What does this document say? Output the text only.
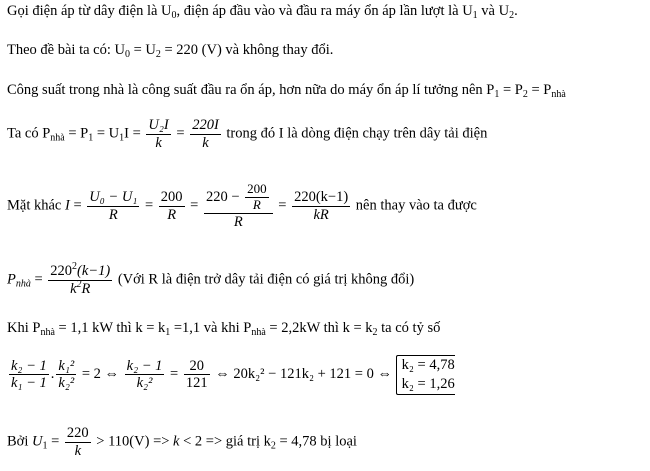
Gọi điện áp từ dây điện là $U_0$, điện áp đầu vào và đầu ra máy ổn áp lần lượt là $U_1$ và $U_2$.
Theo đề bài ta có: $U_0 = U_2 = 220$ (V) và không thay đổi.
Công suất trong nhà là công suất đầu ra ổn áp, hơn nữa do máy ổn áp lí tưởng nên $P_1 = P_2 = P_{nhà}$
Ta có $P_{nhà} = P_1 = U_1I = \frac{\text{U₂I}}{k} = \frac{220I}{k}$ trong đó I là dòng điện chạy trên dây tải điện
Mặt khác $I = \frac{\text{U₀ − U₁}}{R} = \frac{200}{R} = \frac{220 - \frac{200}{R}}{R} = \frac{220(k-1)}{kR}$ nên thay vào ta được
$P_{nhà} = \frac{220^2(k-1)}{k^2R}$ (Với R là điện trở dây tải điện có giá trị không đổi)
Khi $P_{nhà} = 1,1$ kW thì $k = k_1 =1,1$ và khi $P_{nhà} = 2,2kW$ thì $k = k_2$ ta có tỷ số
$\frac{\text{k₂ − 1}}{\text{k₁ − 1}}$ . $\frac{\text{k₁²}}{\text{k₂²}} = 2$ ⇔ $\frac{\text{k₂ − 1}}{\text{k₂²}} = \frac{20}{121}$ ⇔ 20k₂² − 121k₂ + 121 = 0 ⇔
k₂ = 4,78
k₂ = 1,26
Bởi $U_1 = \frac{220}{k} > 110(V) => k < 2$ => giá trị $k_2 = 4,78$ bị loại
